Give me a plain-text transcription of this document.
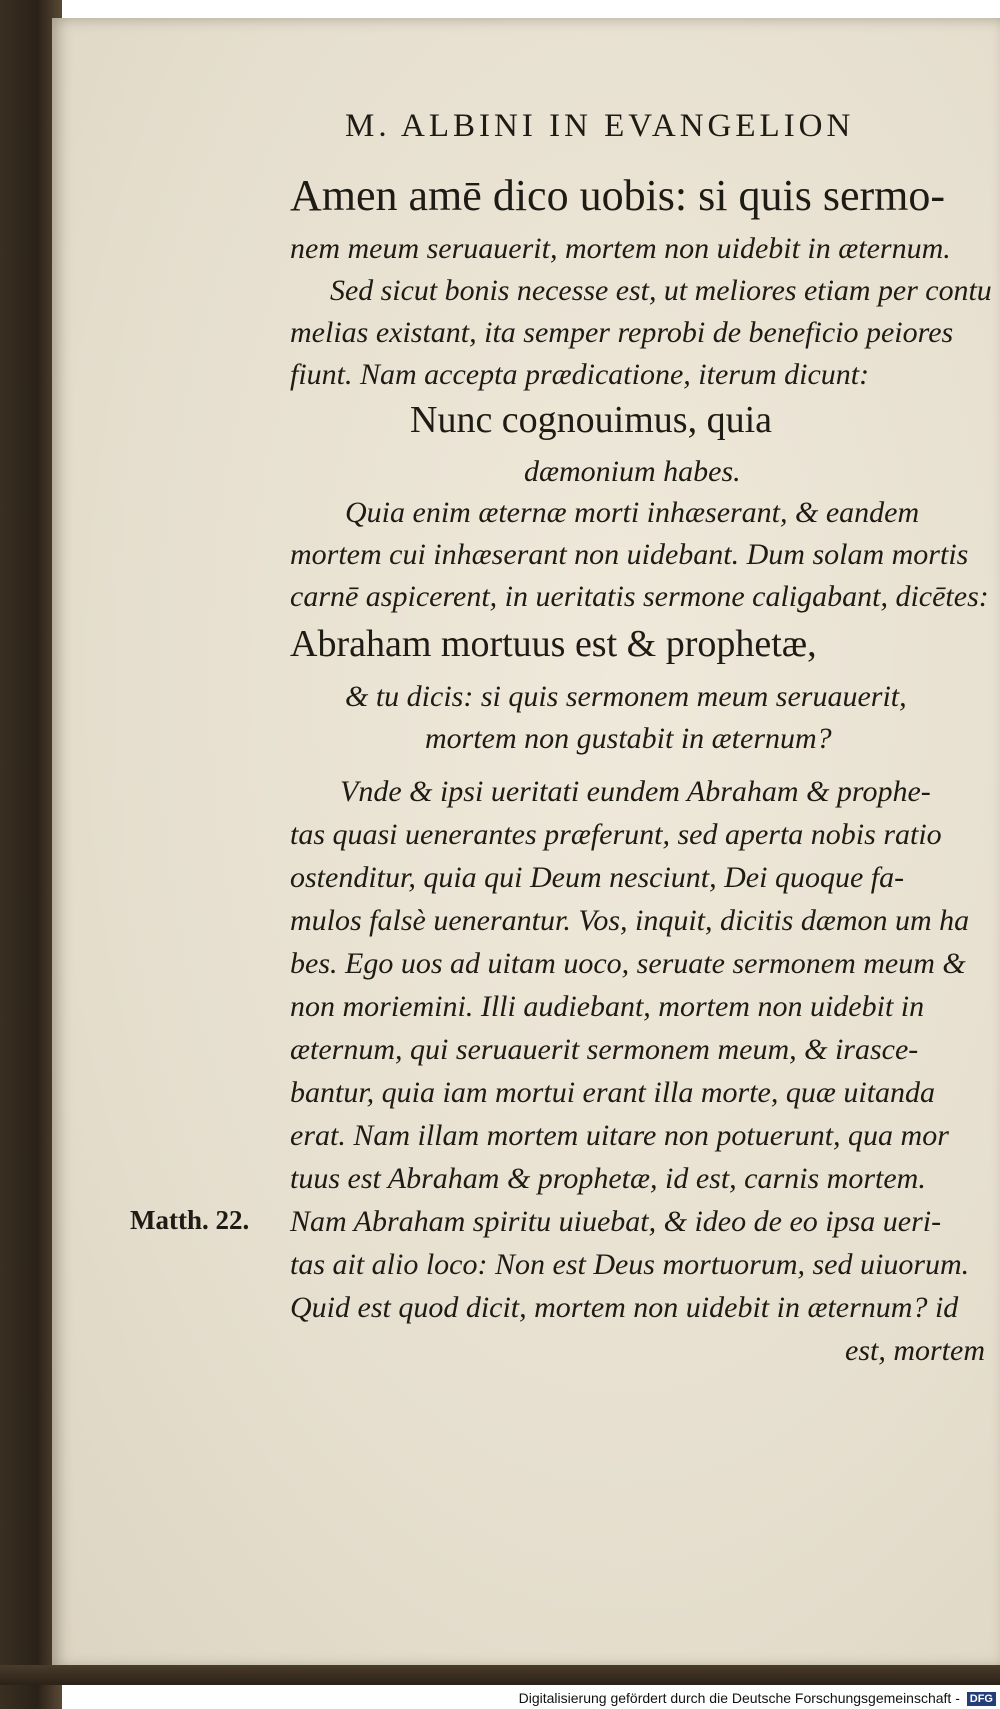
M. ALBINI IN EVANGELION
Amen amē dico uobis: si quis sermo-
nem meum seruauerit, mortem non uidebit in æternum.
Sed sicut bonis necesse est, ut meliores etiam per contu
melias existant, ita semper reprobi de beneficio peiores
fiunt. Nam accepta prædicatione, iterum dicunt:
Nunc cognouimus, quia
dæmonium habes.
Quia enim æternæ morti inhæserant, & eandem
mortem cui inhæserant non uidebant. Dum solam mortis
carnē aspicerent, in ueritatis sermone caligabant, dicētes:
Abraham mortuus est & prophetæ,
& tu dicis: si quis sermonem meum seruauerit,
mortem non gustabit in æternum?
Vnde & ipsi ueritati eundem Abraham & prophe-
tas quasi uenerantes præferunt, sed aperta nobis ratio
ostenditur, quia qui Deum nesciunt, Dei quoque fa-
mulos falsè uenerantur. Vos, inquit, dicitis dæmon um ha
bes. Ego uos ad uitam uoco, seruate sermonem meum &
non moriemini. Illi audiebant, mortem non uidebit in
æternum, qui seruauerit sermonem meum, & irasce-
bantur, quia iam mortui erant illa morte, quæ uitanda
erat. Nam illam mortem uitare non potuerunt, qua mor
tuus est Abraham & prophetæ, id est, carnis mortem.
Matth. 22. Nam Abraham spiritu uiuebat, & ideo de eo ipsa ueri-
tas ait alio loco: Non est Deus mortuorum, sed uiuorum.
Quid est quod dicit, mortem non uidebit in æternum? id
est, mortem
Digitalisierung gefördert durch die Deutsche Forschungsgemeinschaft - DFG
